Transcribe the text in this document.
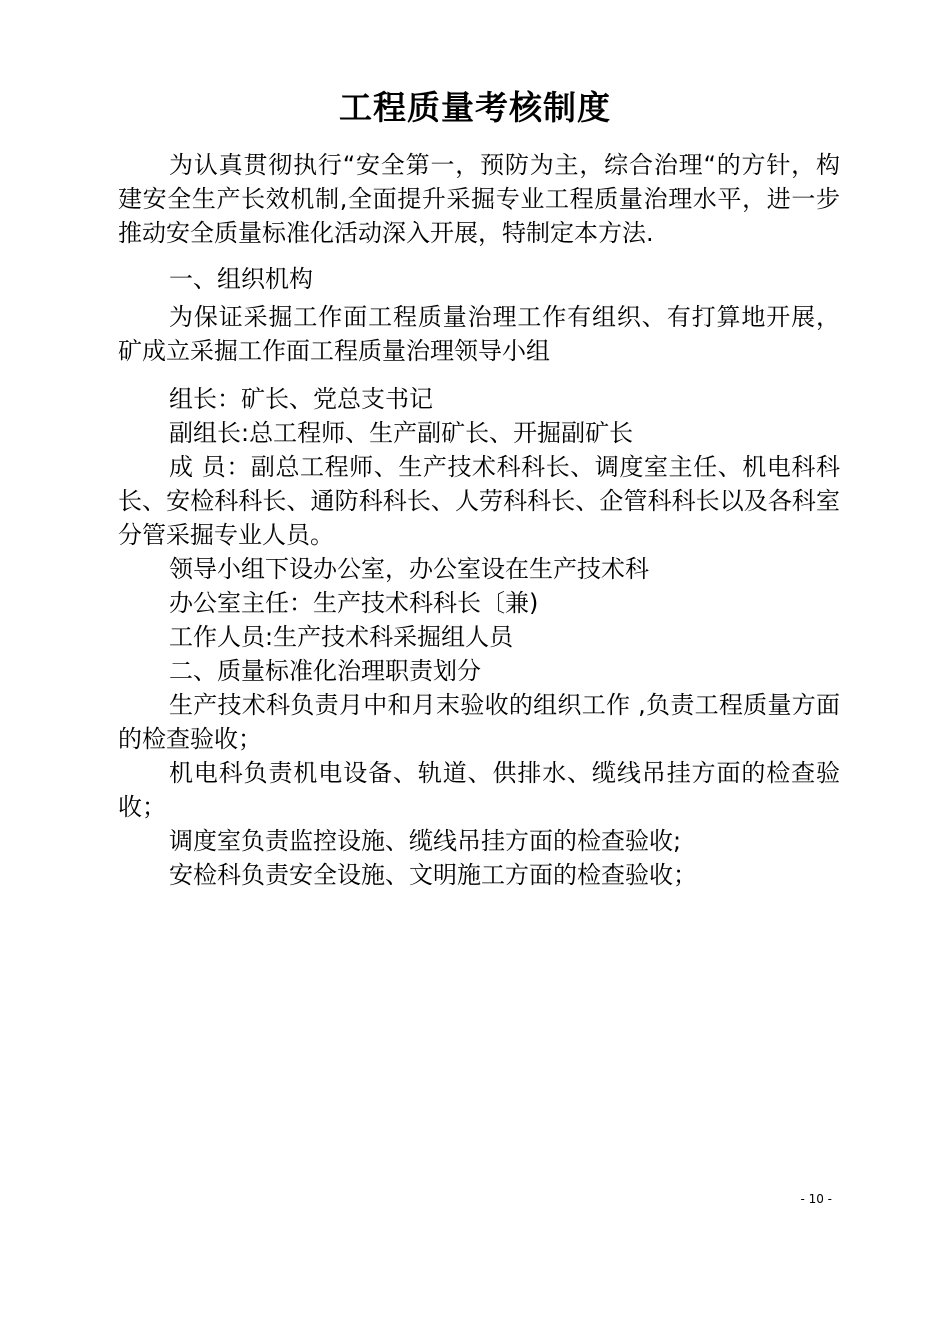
工程质量考核制度

为认真贯彻执行“安全第一，预防为主，综合治理“的方针，构建安全生产长效机制,全面提升采掘专业工程质量治理水平，进一步推动安全质量标准化活动深入开展，特制定本方法.

一、组织机构

为保证采掘工作面工程质量治理工作有组织、有打算地开展，矿成立采掘工作面工程质量治理领导小组

组长：矿长、党总支书记

副组长:总工程师、生产副矿长、开掘副矿长

成 员：副总工程师、生产技术科科长、调度室主任、机电科科长、安检科科长、通防科科长、人劳科科长、企管科科长以及各科室分管采掘专业人员。

领导小组下设办公室，办公室设在生产技术科

办公室主任：生产技术科科长〔兼)

工作人员:生产技术科采掘组人员

二、质量标准化治理职责划分

生产技术科负责月中和月末验收的组织工作 ,负责工程质量方面的检查验收；

机电科负责机电设备、轨道、供排水、缆线吊挂方面的检查验收；

调度室负责监控设施、缆线吊挂方面的检查验收;

安检科负责安全设施、文明施工方面的检查验收；

- 10 -
